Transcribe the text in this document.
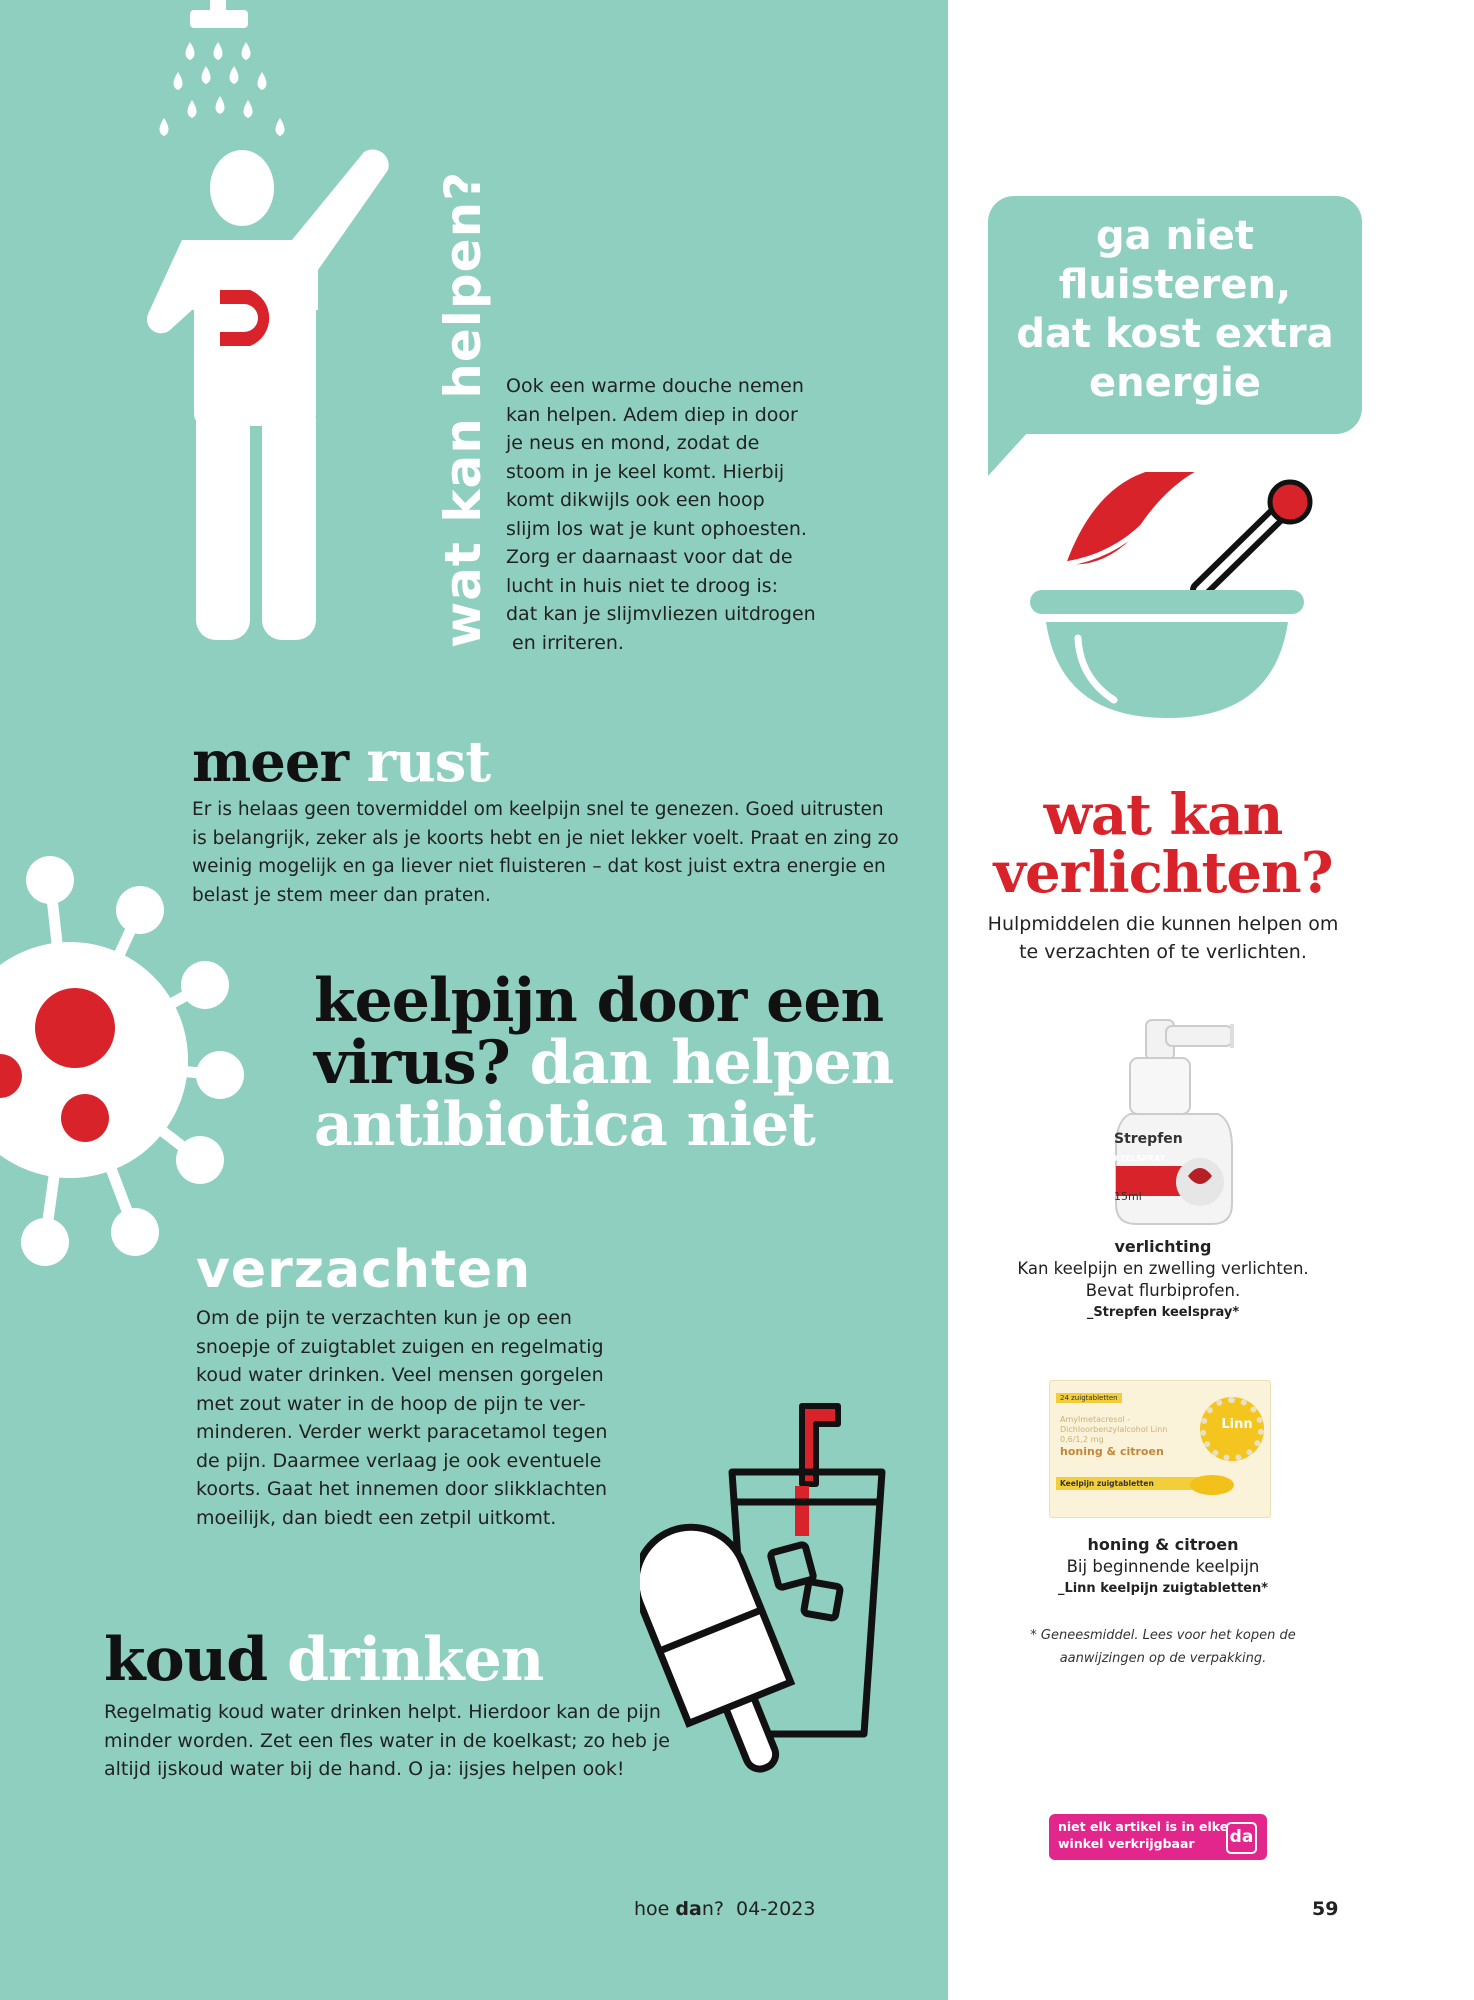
wat kan helpen? Ook een warme douche nemen
kan helpen. Adem diep in door
je neus en mond, zodat de
stoom in je keel komt. Hierbij
komt dikwijls ook een hoop
slijm los wat je kunt ophoesten.
Zorg er daarnaast voor dat de
lucht in huis niet te droog is:
dat kan je slijmvliezen uitdrogen
en irriteren.
meer rust
Er is helaas geen tovermiddel om keelpijn snel te genezen. Goed uitrusten
is belangrijk, zeker als je koorts hebt en je niet lekker voelt. Praat en zing zo
weinig mogelijk en ga liever niet fluisteren – dat kost juist extra energie en
belast je stem meer dan praten.
keelpijn door een
virus? dan helpen
antibiotica niet
verzachten
Om de pijn te verzachten kun je op een
snoepje of zuigtablet zuigen en regelmatig
koud water drinken. Veel mensen gorgelen
met zout water in de hoop de pijn te ver-
minderen. Verder werkt paracetamol tegen
de pijn. Daarmee verlaag je ook eventuele
koorts. Gaat het innemen door slikklachten
moeilijk, dan biedt een zetpil uitkomt.
koud drinken
Regelmatig koud water drinken helpt. Hierdoor kan de pijn
minder worden. Zet een fles water in de koelkast; zo heb je
altijd ijskoud water bij de hand. O ja: ijsjes helpen ook!
hoe dan? 04-2023
ga niet
fluisteren,
dat kost extra
energie
wat kan
verlichten?
Hulpmiddelen die kunnen helpen om
te verzachten of te verlichten.
Strepfen
KEELSPRAY
15ml
verlichting
Kan keelpijn en zwelling verlichten.
Bevat flurbiprofen.
_Strepfen keelspray*
24 zuigtabletten
Amylmetacresol -
Dichloorbenzylalcohol Linn
0,6/1,2 mg
honing & citroen
Keelpijn zuigtabletten
Linn
honing & citroen
Bij beginnende keelpijn
_Linn keelpijn zuigtabletten*
* Geneesmiddel. Lees voor het kopen de
aanwijzingen op de verpakking.
niet elk artikel is in elke
winkel verkrijgbaar	da
59
